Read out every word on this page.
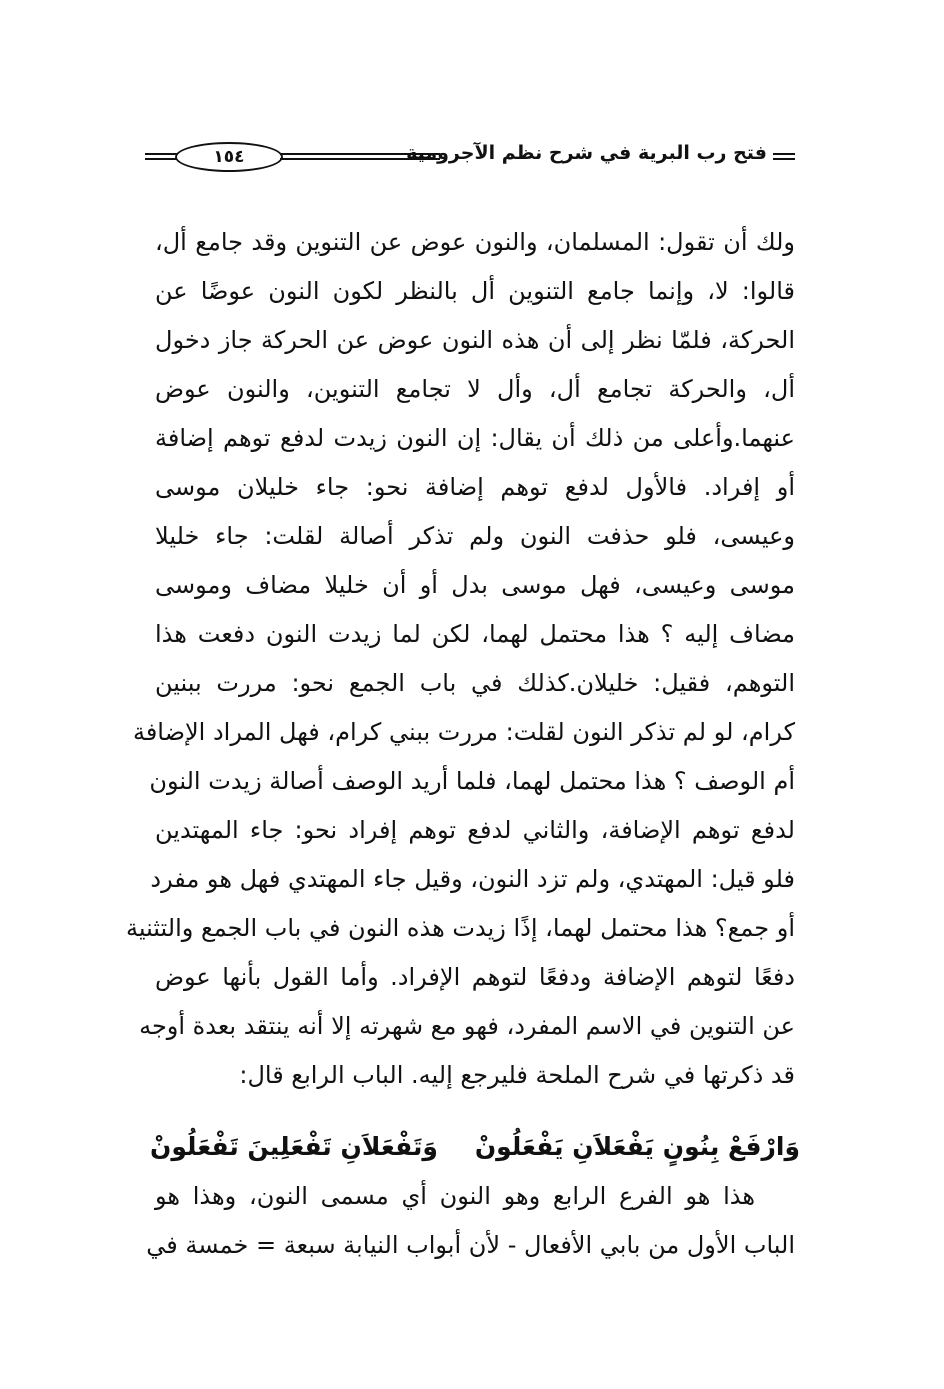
فتح رب البرية في شرح نظم الآجرومية
١٥٤
ولك أن تقول: المسلمان، والنون عوض عن التنوين وقد جامع أل،
قالوا: لا، وإنما جامع التنوين أل بالنظر لكون النون عوضًا عن
الحركة، فلمّا نظر إلى أن هذه النون عوض عن الحركة جاز دخول
أل، والحركة تجامع أل، وأل لا تجامع التنوين، والنون عوض
عنهما.وأعلى من ذلك أن يقال: إن النون زيدت لدفع توهم إضافة
أو إفراد. فالأول لدفع توهم إضافة نحو: جاء خليلان موسى
وعيسى، فلو حذفت النون ولم تذكر أصالة لقلت: جاء خليلا
موسى وعيسى، فهل موسى بدل أو أن خليلا مضاف وموسى
مضاف إليه ؟ هذا محتمل لهما، لكن لما زيدت النون دفعت هذا
التوهم، فقيل: خليلان.كذلك في باب الجمع نحو: مررت ببنين
كرام، لو لم تذكر النون لقلت: مررت ببني كرام، فهل المراد الإضافة
أم الوصف ؟ هذا محتمل لهما، فلما أريد الوصف أصالة زيدت النون
لدفع توهم الإضافة، والثاني لدفع توهم إفراد نحو: جاء المهتدين
فلو قيل: المهتدي، ولم تزد النون، وقيل جاء المهتدي فهل هو مفرد
أو جمع؟ هذا محتمل لهما، إذًا زيدت هذه النون في باب الجمع والتثنية
دفعًا لتوهم الإضافة ودفعًا لتوهم الإفراد. وأما القول بأنها عوض
عن التنوين في الاسم المفرد، فهو مع شهرته إلا أنه ينتقد بعدة أوجه
قد ذكرتها في شرح الملحة فليرجع إليه. الباب الرابع قال:
وَارْفَعْ بِنُونٍ يَفْعَلاَنِ يَفْعَلُونْ
وَتَفْعَلاَنِ تَفْعَلِينَ تَفْعَلُونْ
هذا هو الفرع الرابع وهو النون أي مسمى النون، وهذا هو
الباب الأول من بابي الأفعال - لأن أبواب النيابة سبعة = خمسة في
